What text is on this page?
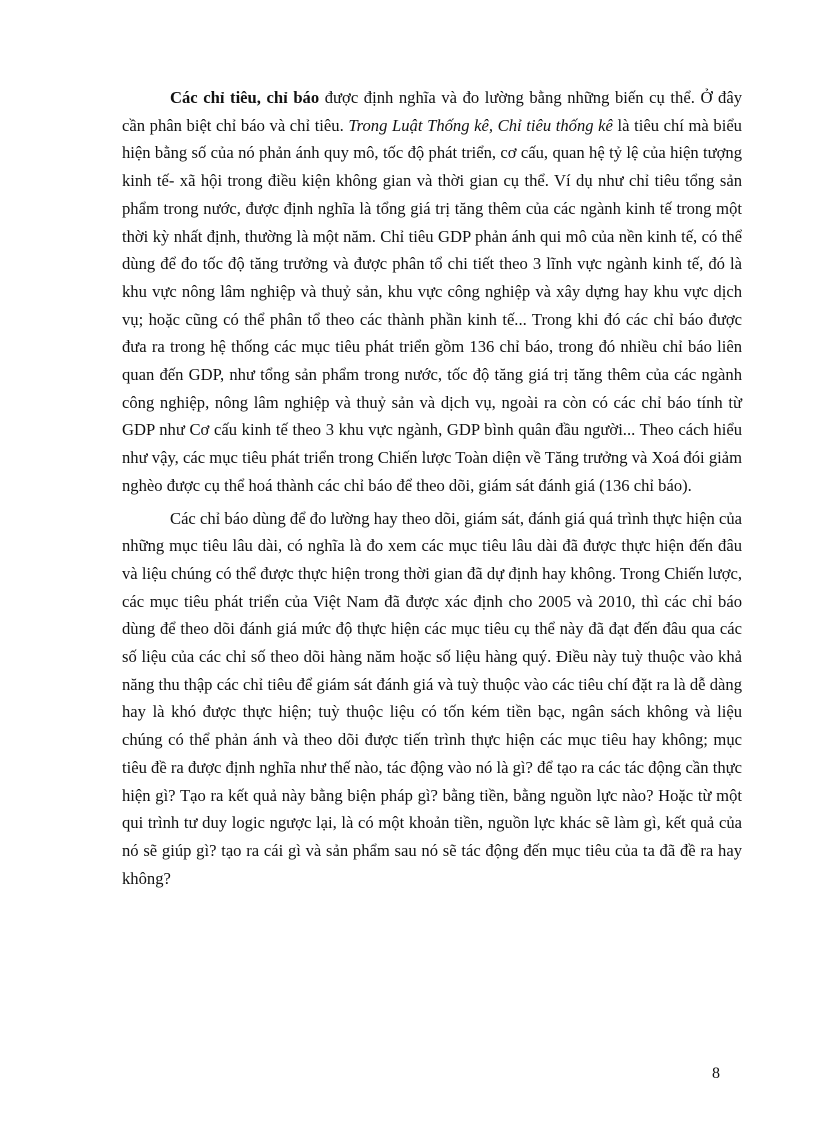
Các chỉ tiêu, chỉ báo được định nghĩa và đo lường bằng những biến cụ thể. Ở đây cần phân biệt chỉ báo và chỉ tiêu. Trong Luật Thống kê, Chỉ tiêu thống kê là tiêu chí mà biểu hiện bằng số của nó phản ánh quy mô, tốc độ phát triển, cơ cấu, quan hệ tỷ lệ của hiện tượng kinh tế- xã hội trong điều kiện không gian và thời gian cụ thể. Ví dụ như chỉ tiêu tổng sản phẩm trong nước, được định nghĩa là tổng giá trị tăng thêm của các ngành kinh tế trong một thời kỳ nhất định, thường là một năm. Chỉ tiêu GDP phản ánh qui mô của nền kinh tế, có thể dùng để đo tốc độ tăng trưởng và được phân tổ chi tiết theo 3 lĩnh vực ngành kinh tế, đó là khu vực nông lâm nghiệp và thuỷ sản, khu vực công nghiệp và xây dựng hay khu vực dịch vụ; hoặc cũng có thể phân tổ theo các thành phần kinh tế... Trong khi đó các chỉ báo được đưa ra trong hệ thống các mục tiêu phát triển gồm 136 chỉ báo, trong đó nhiều chỉ báo liên quan đến GDP, như tổng sản phẩm trong nước, tốc độ tăng giá trị tăng thêm của các ngành công nghiệp, nông lâm nghiệp và thuỷ sản và dịch vụ, ngoài ra còn có các chỉ báo tính từ GDP như Cơ cấu kinh tế theo 3 khu vực ngành, GDP bình quân đầu người... Theo cách hiểu như vậy, các mục tiêu phát triển trong Chiến lược Toàn diện về Tăng trưởng và Xoá đói giảm nghèo được cụ thể hoá thành các chỉ báo để theo dõi, giám sát đánh giá (136 chỉ báo).

Các chỉ báo dùng để đo lường hay theo dõi, giám sát, đánh giá quá trình thực hiện của những mục tiêu lâu dài, có nghĩa là đo xem các mục tiêu lâu dài đã được thực hiện đến đâu và liệu chúng có thể được thực hiện trong thời gian đã dự định hay không. Trong Chiến lược, các mục tiêu phát triển của Việt Nam đã được xác định cho 2005 và 2010, thì các chỉ báo dùng để theo dõi đánh giá mức độ thực hiện các mục tiêu cụ thể này đã đạt đến đâu qua các số liệu của các chỉ số theo dõi hàng năm hoặc số liệu hàng quý. Điều này tuỳ thuộc vào khả năng thu thập các chỉ tiêu để giám sát đánh giá và tuỳ thuộc vào các tiêu chí đặt ra là dễ dàng hay là khó được thực hiện; tuỳ thuộc liệu có tốn kém tiền bạc, ngân sách không và liệu chúng có thể phản ánh và theo dõi được tiến trình thực hiện các mục tiêu hay không; mục tiêu đề ra được định nghĩa như thế nào, tác động vào nó là gì? để tạo ra các tác động cần thực hiện gì? Tạo ra kết quả này bằng biện pháp gì? bằng tiền, bằng nguồn lực nào? Hoặc từ một qui trình tư duy logic ngược lại, là có một khoản tiền, nguồn lực khác sẽ làm gì, kết quả của nó sẽ giúp gì? tạo ra cái gì và sản phẩm sau nó sẽ tác động đến mục tiêu của ta đã đề ra hay không?

8
